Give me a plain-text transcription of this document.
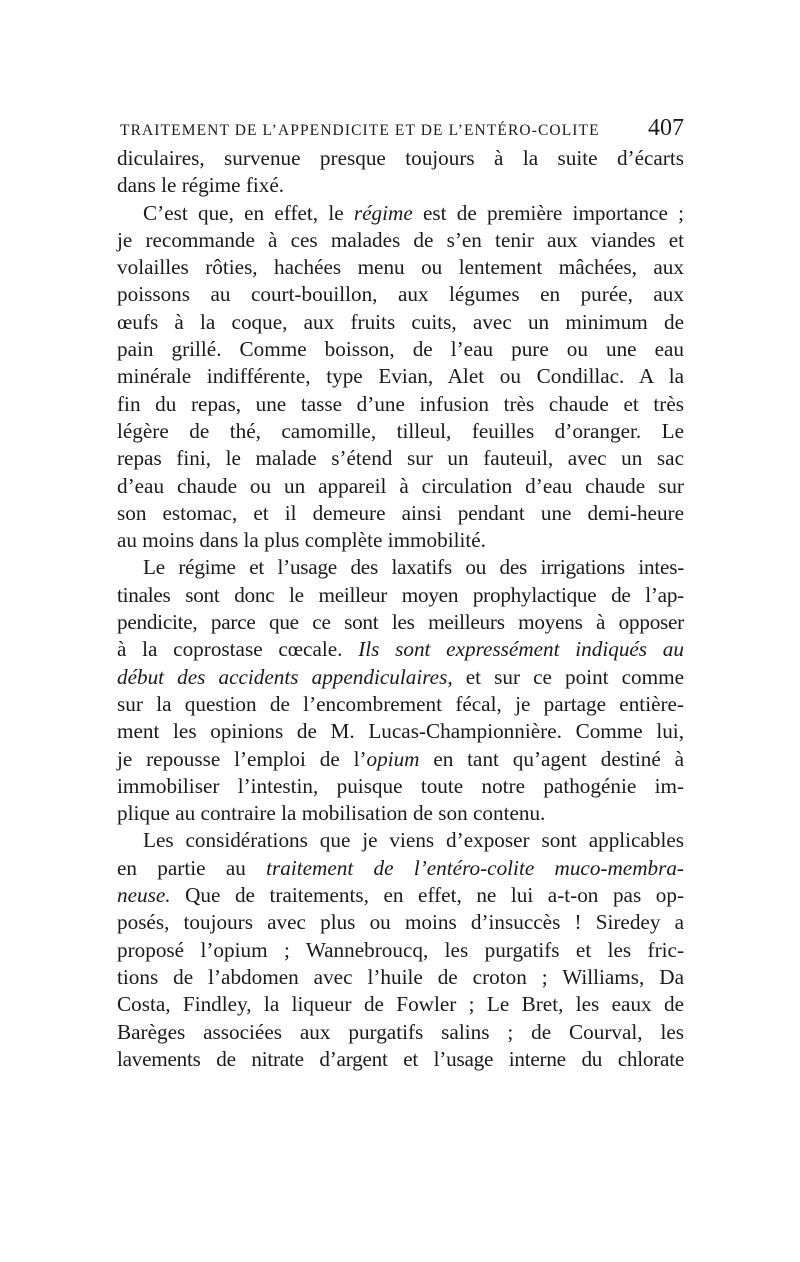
TRAITEMENT DE L’APPENDICITE ET DE L’ENTÉRO-COLITE 407
diculaires, survenue presque toujours à la suite d’écarts
dans le régime fixé.
C’est que, en effet, le régime est de première importance ;
je recommande à ces malades de s’en tenir aux viandes et
volailles rôties, hachées menu ou lentement mâchées, aux
poissons au court-bouillon, aux légumes en purée, aux
œufs à la coque, aux fruits cuits, avec un minimum de
pain grillé. Comme boisson, de l’eau pure ou une eau
minérale indifférente, type Evian, Alet ou Condillac. A la
fin du repas, une tasse d’une infusion très chaude et très
légère de thé, camomille, tilleul, feuilles d’oranger. Le
repas fini, le malade s’étend sur un fauteuil, avec un sac
d’eau chaude ou un appareil à circulation d’eau chaude sur
son estomac, et il demeure ainsi pendant une demi-heure
au moins dans la plus complète immobilité.
Le régime et l’usage des laxatifs ou des irrigations intes-
tinales sont donc le meilleur moyen prophylactique de l’ap-
pendicite, parce que ce sont les meilleurs moyens à opposer
à la coprostase cœcale. Ils sont expressément indiqués au
début des accidents appendiculaires, et sur ce point comme
sur la question de l’encombrement fécal, je partage entière-
ment les opinions de M. Lucas-Championnière. Comme lui,
je repousse l’emploi de l’opium en tant qu’agent destiné à
immobiliser l’intestin, puisque toute notre pathogénie im-
plique au contraire la mobilisation de son contenu.
Les considérations que je viens d’exposer sont applicables
en partie au traitement de l’entéro-colite muco-membra-
neuse. Que de traitements, en effet, ne lui a-t-on pas op-
posés, toujours avec plus ou moins d’insuccès ! Siredey a
proposé l’opium ; Wannebroucq, les purgatifs et les fric-
tions de l’abdomen avec l’huile de croton ; Williams, Da
Costa, Findley, la liqueur de Fowler ; Le Bret, les eaux de
Barèges associées aux purgatifs salins ; de Courval, les
lavements de nitrate d’argent et l’usage interne du chlorate
